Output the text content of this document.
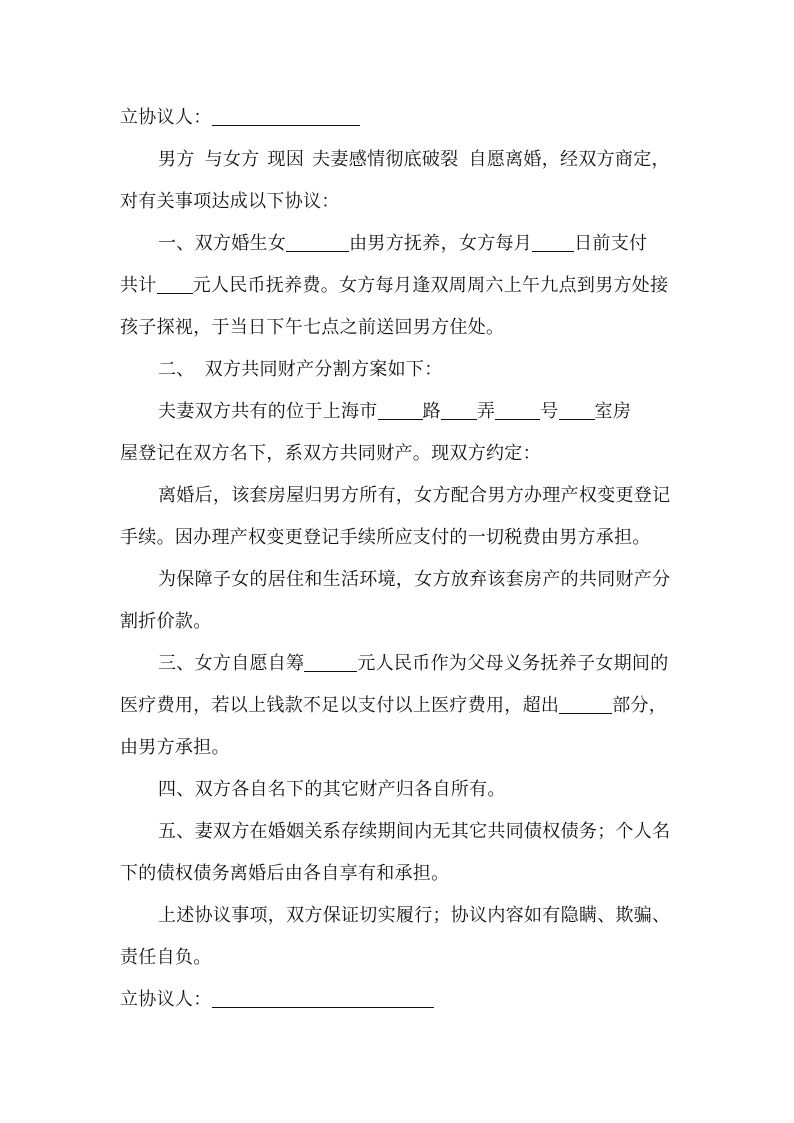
立协议人：
男方 与女方 现因 夫妻感情彻底破裂 自愿离婚，经双方商定，
对有关事项达成以下协议：
一、双方婚生女	由男方抚养，女方每月 日前支付
共计 元人民币抚养费。女方每月逢双周周六上午九点到男方处接
孩子探视，于当日下午七点之前送回男方住处。
二、 双方共同财产分割方案如下：
夫妻双方共有的位于上海市	路 弄	号 室房
屋登记在双方名下，系双方共同财产。现双方约定：
离婚后，该套房屋归男方所有，女方配合男方办理产权变更登记
手续。因办理产权变更登记手续所应支付的一切税费由男方承担。
为保障子女的居住和生活环境，女方放弃该套房产的共同财产分
割折价款。
三、女方自愿自筹	元人民币作为父母义务抚养子女期间的
医疗费用，若以上钱款不足以支付以上医疗费用，超出	部分，
由男方承担。
四、双方各自名下的其它财产归各自所有。
五、妻双方在婚姻关系存续期间内无其它共同债权债务；个人名
下的债权债务离婚后由各自享有和承担。
上述协议事项，双方保证切实履行；协议内容如有隐瞒、欺骗、
责任自负。
立协议人：
